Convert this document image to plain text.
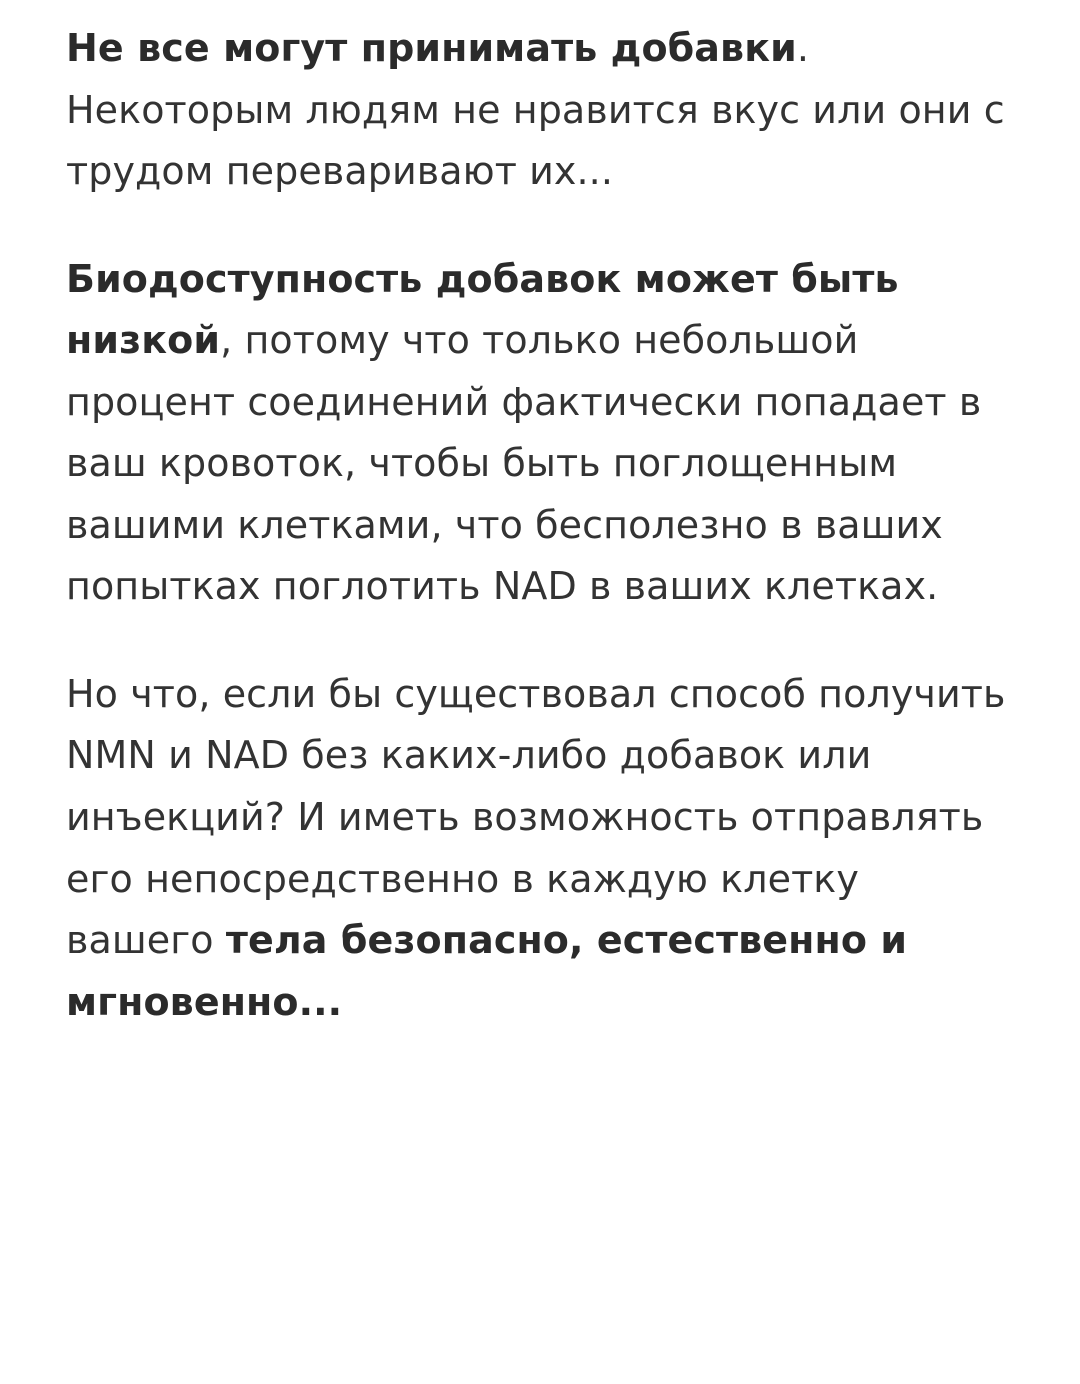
Не все могут принимать добавки. Некоторым людям не нравится вкус или они с трудом переваривают их...

Биодоступность добавок может быть низкой, потому что только небольшой процент соединений фактически попадает в ваш кровоток, чтобы быть поглощенным вашими клетками, что бесполезно в ваших попытках поглотить NAD в ваших клетках.

Но что, если бы существовал способ получить NMN и NAD без каких-либо добавок или инъекций? И иметь возможность отправлять его непосредственно в каждую клетку вашего тела безопасно, естественно и мгновенно...
